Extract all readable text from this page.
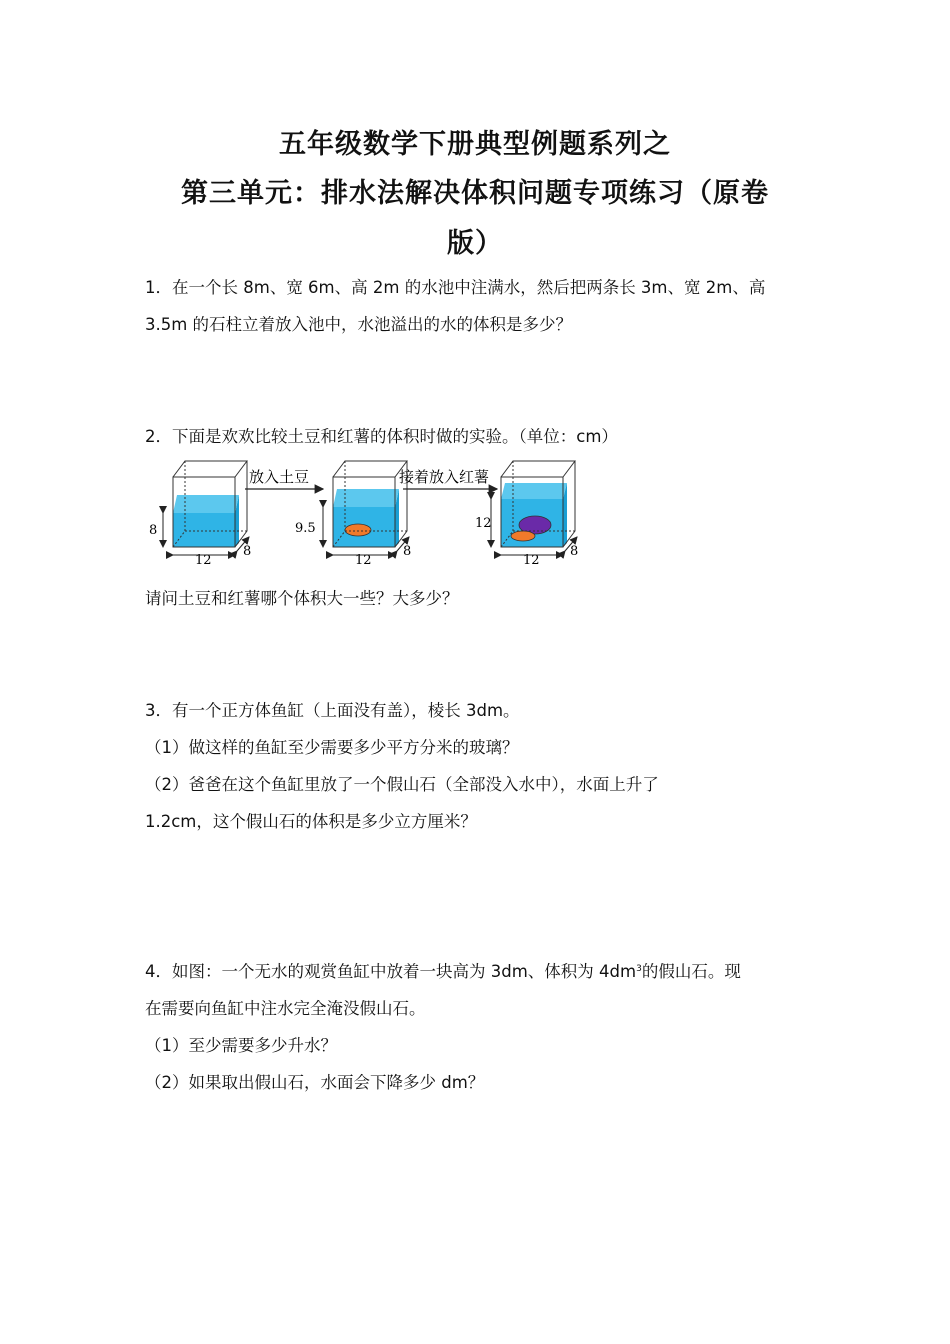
五年级数学下册典型例题系列之
第三单元：排水法解决体积问题专项练习（原卷
版）
1．在一个长 8m、宽 6m、高 2m 的水池中注满水，然后把两条长 3m、宽 2m、高
3.5m 的石柱立着放入池中，水池溢出的水的体积是多少？
2．下面是欢欢比较土豆和红薯的体积时做的实验。（单位：cm）
8
12
8
放入土豆
9.5
12
8
接着放入红薯
12
12
8
请问土豆和红薯哪个体积大一些？大多少？
3．有一个正方体鱼缸（上面没有盖），棱长 3dm。
（1）做这样的鱼缸至少需要多少平方分米的玻璃？
（2）爸爸在这个鱼缸里放了一个假山石（全部没入水中），水面上升了
1.2cm，这个假山石的体积是多少立方厘米？
4．如图：一个无水的观赏鱼缸中放着一块高为 3dm、体积为 $4dm^3$的假山石。现
在需要向鱼缸中注水完全淹没假山石。
（1）至少需要多少升水？
（2）如果取出假山石，水面会下降多少 dm？
